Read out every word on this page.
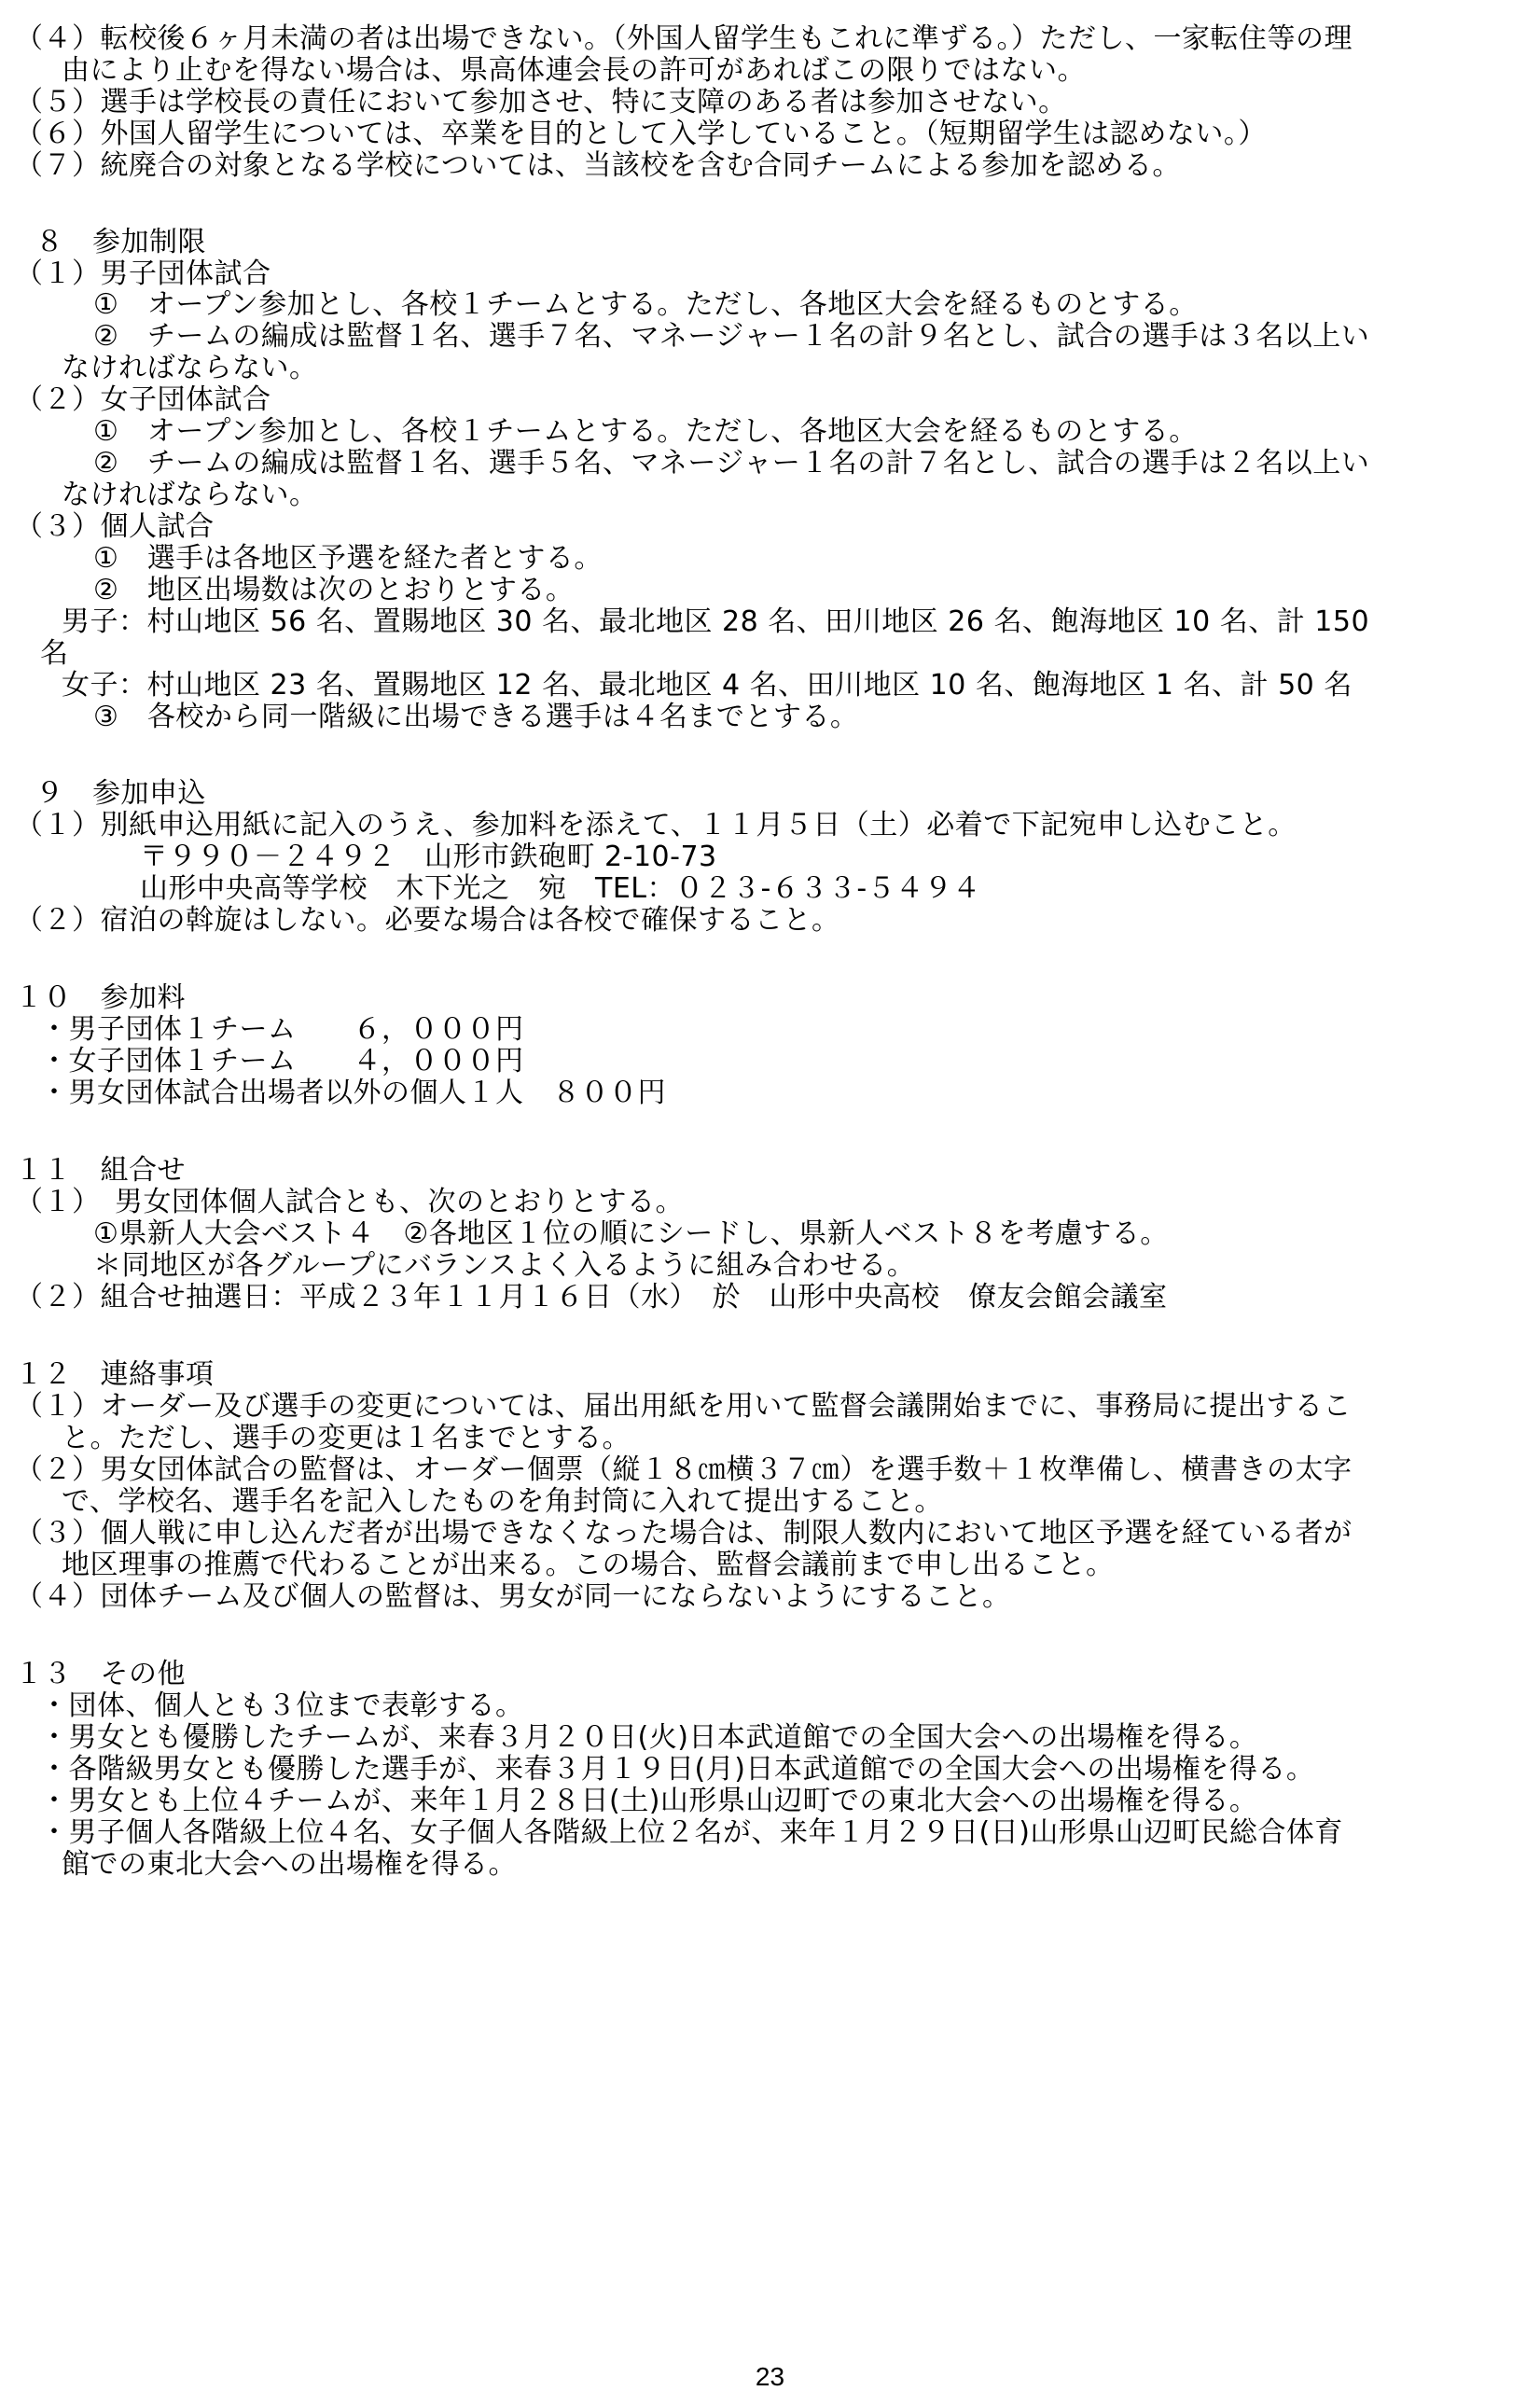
（４）転校後６ヶ月未満の者は出場できない。（外国人留学生もこれに準ずる。）ただし、一家転住等の理
由により止むを得ない場合は、県高体連会長の許可があればこの限りではない。
（５）選手は学校長の責任において参加させ、特に支障のある者は参加させない。
（６）外国人留学生については、卒業を目的として入学していること。（短期留学生は認めない。）
（７）統廃合の対象となる学校については、当該校を含む合同チームによる参加を認める。
８　参加制限
（１）男子団体試合
①　オープン参加とし、各校１チームとする。ただし、各地区大会を経るものとする。
②　チームの編成は監督１名、選手７名、マネージャー１名の計９名とし、試合の選手は３名以上い
なければならない。
（２）女子団体試合
①　オープン参加とし、各校１チームとする。ただし、各地区大会を経るものとする。
②　チームの編成は監督１名、選手５名、マネージャー１名の計７名とし、試合の選手は２名以上い
なければならない。
（３）個人試合
①　選手は各地区予選を経た者とする。
②　地区出場数は次のとおりとする。
男子：村山地区 56 名、置賜地区 30 名、最北地区 28 名、田川地区 26 名、飽海地区 10 名、計 150
名
女子：村山地区 23 名、置賜地区 12 名、最北地区 4 名、田川地区 10 名、飽海地区 1 名、計 50 名
③　各校から同一階級に出場できる選手は４名までとする。
９　参加申込
（１）別紙申込用紙に記入のうえ、参加料を添えて、１１月５日（土）必着で下記宛申し込むこと。
〒９９０－２４９２　山形市鉄砲町 2-10-73
山形中央高等学校　木下光之　宛　TEL：０２３-６３３-５４９４
（２）宿泊の斡旋はしない。必要な場合は各校で確保すること。
１０　参加料
・男子団体１チーム　　６，０００円
・女子団体１チーム　　４，０００円
・男女団体試合出場者以外の個人１人　８００円
１１　組合せ
（１）　男女団体個人試合とも、次のとおりとする。
①県新人大会ベスト４　②各地区１位の順にシードし、県新人ベスト８を考慮する。
＊同地区が各グループにバランスよく入るように組み合わせる。
（２）組合せ抽選日：平成２３年１１月１６日（水）　於　山形中央高校　僚友会館会議室
１２　連絡事項
（１）オーダー及び選手の変更については、届出用紙を用いて監督会議開始までに、事務局に提出するこ
と。ただし、選手の変更は１名までとする。
（２）男女団体試合の監督は、オーダー個票（縦１８㎝横３７㎝）を選手数＋１枚準備し、横書きの太字
で、学校名、選手名を記入したものを角封筒に入れて提出すること。
（３）個人戦に申し込んだ者が出場できなくなった場合は、制限人数内において地区予選を経ている者が
地区理事の推薦で代わることが出来る。この場合、監督会議前まで申し出ること。
（４）団体チーム及び個人の監督は、男女が同一にならないようにすること。
１３　その他
・団体、個人とも３位まで表彰する。
・男女とも優勝したチームが、来春３月２０日(火)日本武道館での全国大会への出場権を得る。
・各階級男女とも優勝した選手が、来春３月１９日(月)日本武道館での全国大会への出場権を得る。
・男女とも上位４チームが、来年１月２８日(土)山形県山辺町での東北大会への出場権を得る。
・男子個人各階級上位４名、女子個人各階級上位２名が、来年１月２９日(日)山形県山辺町民総合体育
館での東北大会への出場権を得る。
23
